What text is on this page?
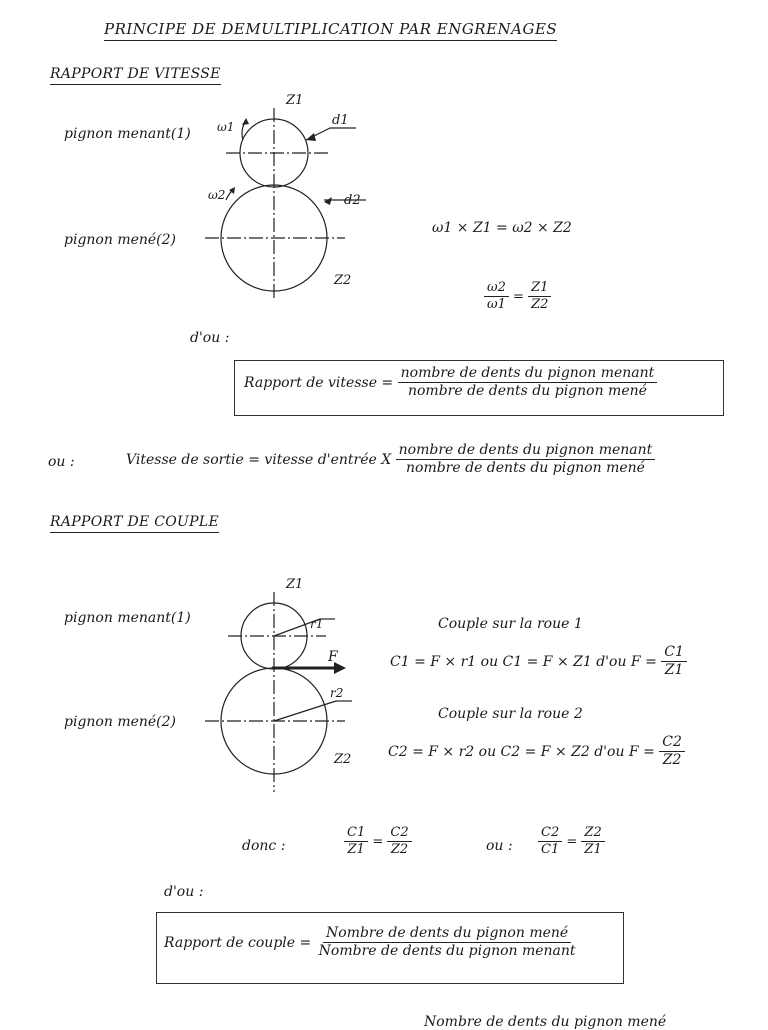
PRINCIPE DE DEMULTIPLICATION PAR ENGRENAGES
RAPPORT DE VITESSE
pignon menant(1)
pignon mené(2)
Z1
d1
ω1
ω2	d2
Z2
ω1 × Z1 = ω2 × Z2
$\frac{\omega 2}{\omega 1} = \frac{Z1}{Z2}$
d'ou :
Rapport de vitesse = $\frac{\text{nombre de dents du pignon menant}}{\text{nombre de dents du pignon mené}}$
ou :	Vitesse de sortie = vitesse d'entrée X $\frac{\text{nombre de dents du pignon menant}}{\text{nombre de dents du pignon mené}}$
RAPPORT DE COUPLE
pignon menant(1)
pignon mené(2)
Z1
r1
F
r2
Z2
Couple sur la roue 1
C1 = F × r1 ou C1 = F × Z1 d'ou $F = \frac{C1}{Z1}$
Couple sur la roue 2
C2 = F × r2 ou C2 = F × Z2 d'ou $F = \frac{C2}{Z2}$
donc :	$\frac{C1}{Z1} = \frac{C2}{Z2}$	ou : $\frac{C2}{C1} = \frac{Z2}{Z1}$
d'ou :
Rapport de couple = $\frac{\text{Nombre de dents du pignon mené}}{\text{Nombre de dents du pignon menant}}$
Nombre de dents du pignon mené
